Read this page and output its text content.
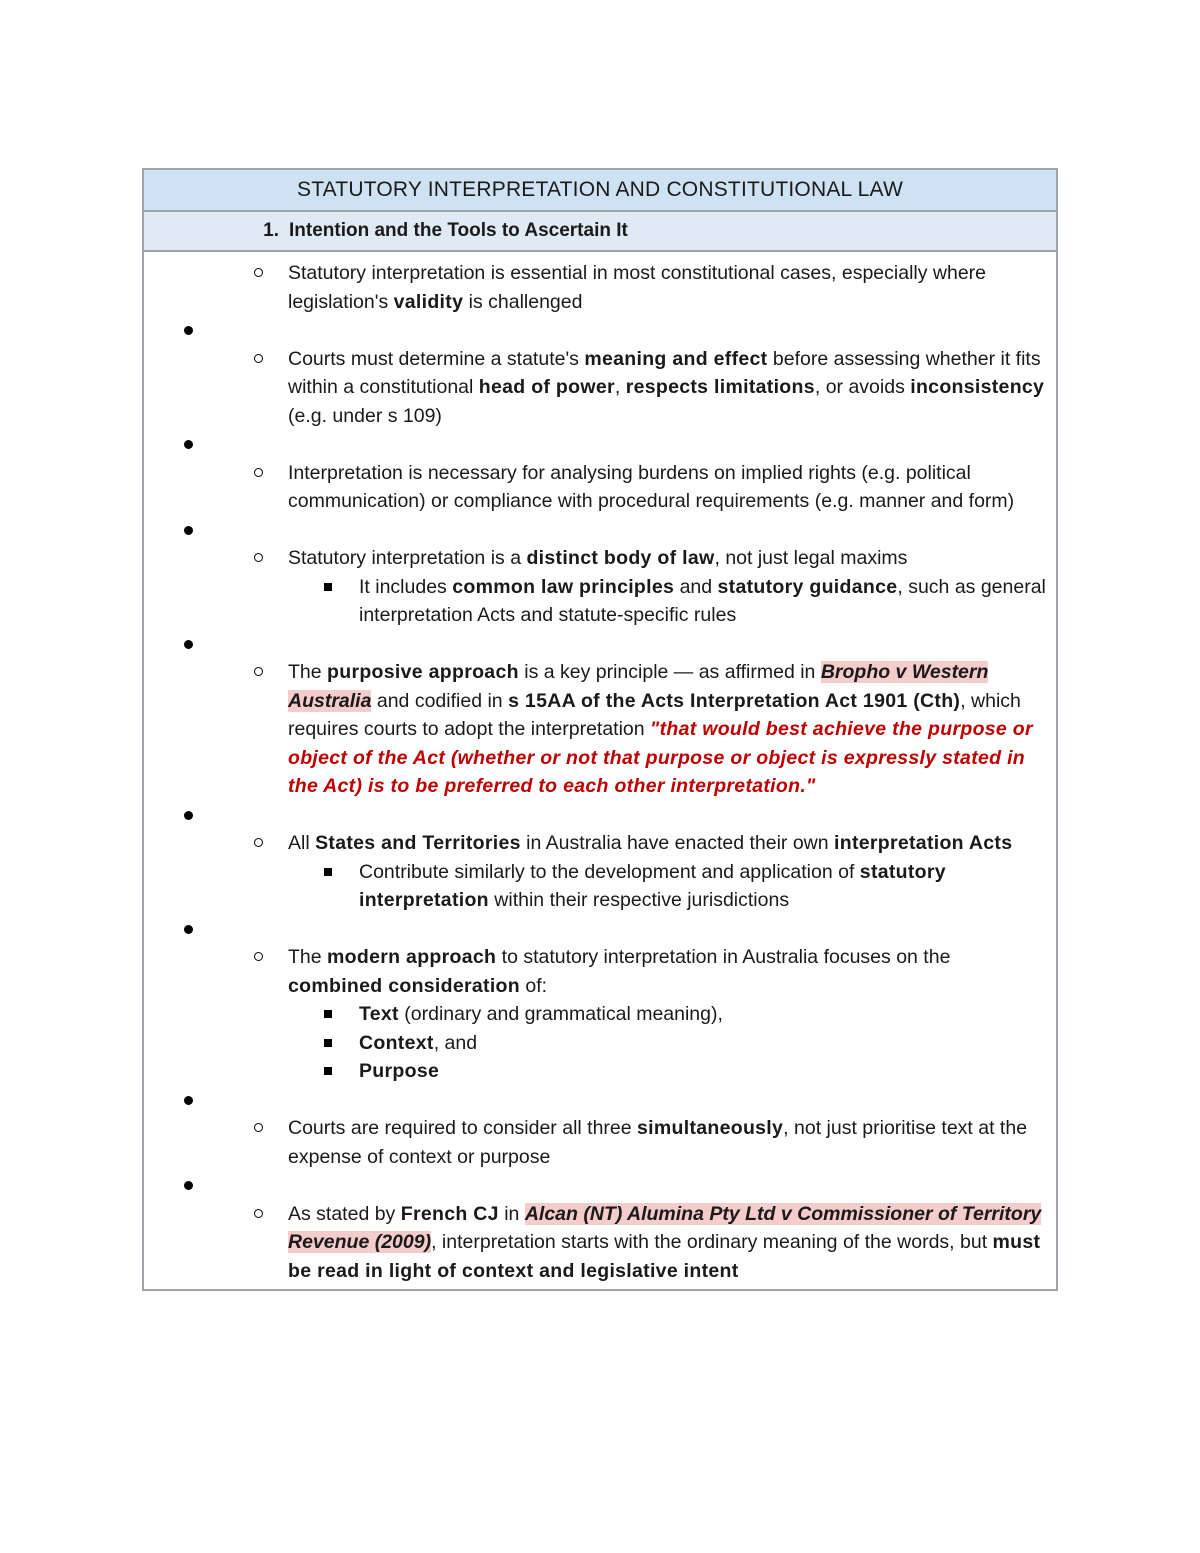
STATUTORY INTERPRETATION AND CONSTITUTIONAL LAW
1. Intention and the Tools to Ascertain It
Statutory interpretation is essential in most constitutional cases, especially where legislation's validity is challenged
Courts must determine a statute's meaning and effect before assessing whether it fits within a constitutional head of power, respects limitations, or avoids inconsistency (e.g. under s 109)
Interpretation is necessary for analysing burdens on implied rights (e.g. political communication) or compliance with procedural requirements (e.g. manner and form)
Statutory interpretation is a distinct body of law, not just legal maxims
It includes common law principles and statutory guidance, such as general interpretation Acts and statute-specific rules
The purposive approach is a key principle — as affirmed in Bropho v Western Australia and codified in s 15AA of the Acts Interpretation Act 1901 (Cth), which requires courts to adopt the interpretation "that would best achieve the purpose or object of the Act (whether or not that purpose or object is expressly stated in the Act) is to be preferred to each other interpretation."
All States and Territories in Australia have enacted their own interpretation Acts
Contribute similarly to the development and application of statutory interpretation within their respective jurisdictions
The modern approach to statutory interpretation in Australia focuses on the combined consideration of:
Text (ordinary and grammatical meaning),
Context, and
Purpose
Courts are required to consider all three simultaneously, not just prioritise text at the expense of context or purpose
As stated by French CJ in Alcan (NT) Alumina Pty Ltd v Commissioner of Territory Revenue (2009), interpretation starts with the ordinary meaning of the words, but must be read in light of context and legislative intent
